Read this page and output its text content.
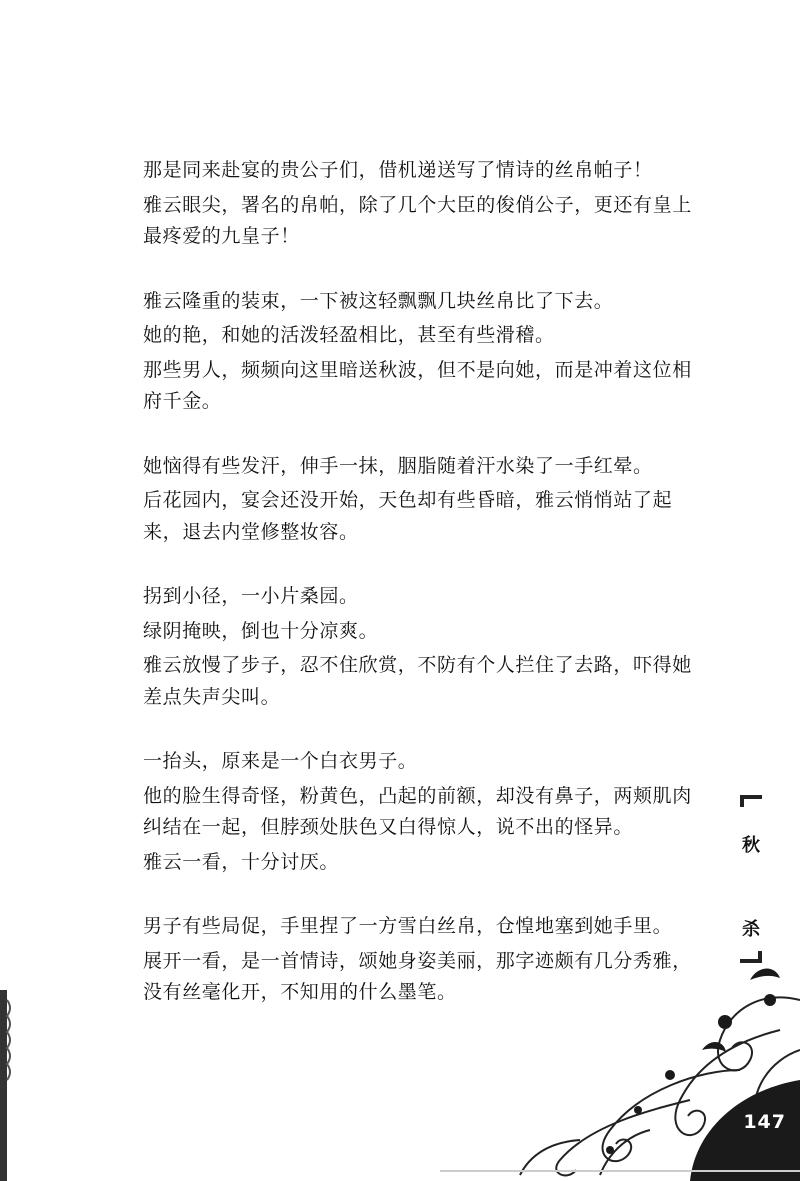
那是同来赴宴的贵公子们，借机递送写了情诗的丝帛帕子！

雅云眼尖，署名的帛帕，除了几个大臣的俊俏公子，更还有皇上最疼爱的九皇子！

雅云隆重的装束，一下被这轻飘飘几块丝帛比了下去。

她的艳，和她的活泼轻盈相比，甚至有些滑稽。

那些男人，频频向这里暗送秋波，但不是向她，而是冲着这位相府千金。

她恼得有些发汗，伸手一抹，胭脂随着汗水染了一手红晕。

后花园内，宴会还没开始，天色却有些昏暗，雅云悄悄站了起来，退去内堂修整妆容。

拐到小径，一小片桑园。

绿阴掩映，倒也十分凉爽。

雅云放慢了步子，忍不住欣赏，不防有个人拦住了去路，吓得她差点失声尖叫。

一抬头，原来是一个白衣男子。

他的脸生得奇怪，粉黄色，凸起的前额，却没有鼻子，两颊肌肉纠结在一起，但脖颈处肤色又白得惊人，说不出的怪异。

雅云一看，十分讨厌。

男子有些局促，手里捏了一方雪白丝帛，仓惶地塞到她手里。

展开一看，是一首情诗，颂她身姿美丽，那字迹颇有几分秀雅，没有丝毫化开，不知用的什么墨笔。

秋
杀
147
